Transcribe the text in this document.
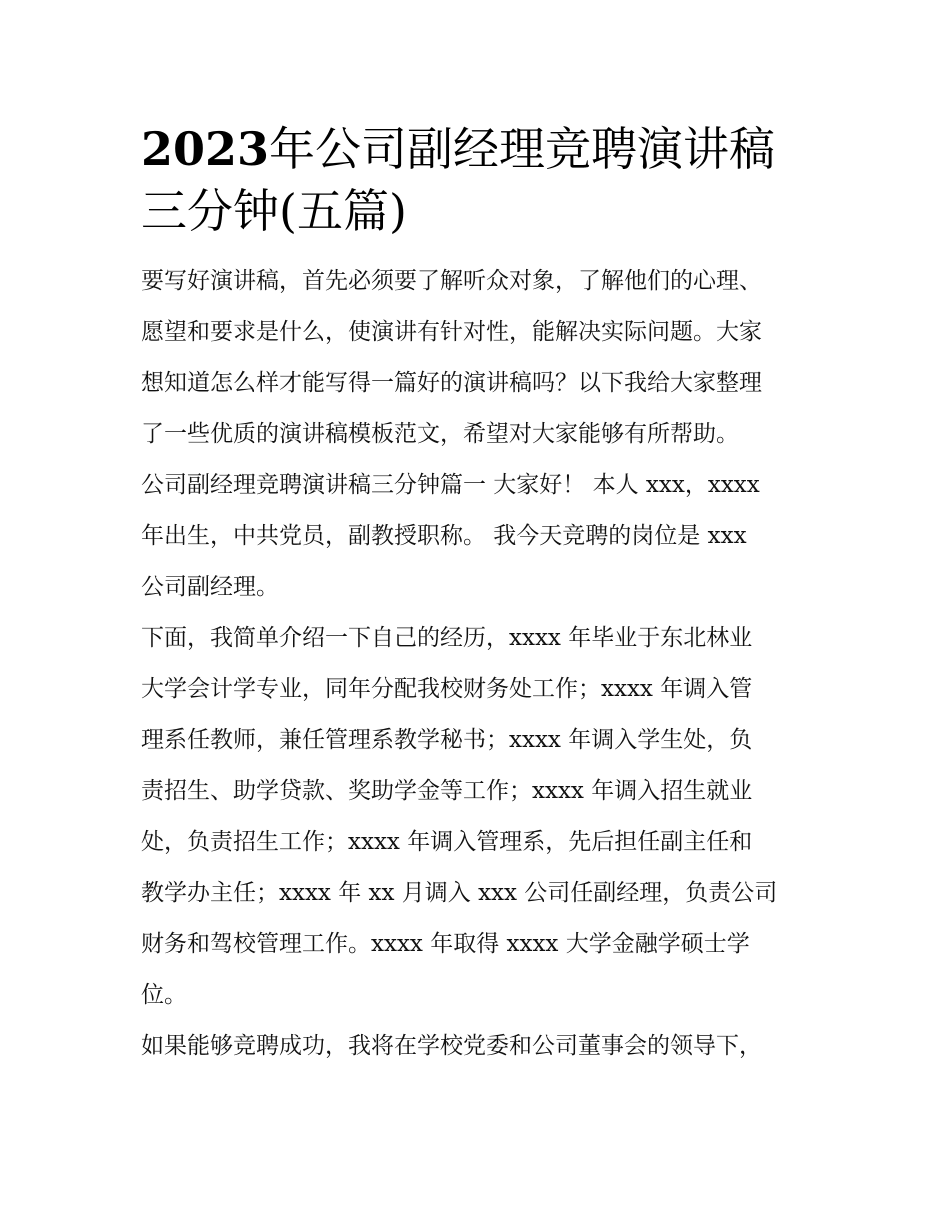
2023年公司副经理竞聘演讲稿
三分钟(五篇)

要写好演讲稿，首先必须要了解听众对象，了解他们的心理、
愿望和要求是什么，使演讲有针对性，能解决实际问题。大家
想知道怎么样才能写得一篇好的演讲稿吗？以下我给大家整理
了一些优质的演讲稿模板范文，希望对大家能够有所帮助。

公司副经理竞聘演讲稿三分钟篇一 大家好！ 本人 xxx，xxxx
年出生，中共党员，副教授职称。 我今天竞聘的岗位是 xxx
公司副经理。

下面，我简单介绍一下自己的经历，xxxx 年毕业于东北林业
大学会计学专业，同年分配我校财务处工作；xxxx 年调入管
理系任教师，兼任管理系教学秘书；xxxx 年调入学生处，负
责招生、助学贷款、奖助学金等工作；xxxx 年调入招生就业
处，负责招生工作；xxxx 年调入管理系，先后担任副主任和
教学办主任；xxxx 年 xx 月调入 xxx 公司任副经理，负责公司
财务和驾校管理工作。xxxx 年取得 xxxx 大学金融学硕士学
位。

如果能够竞聘成功，我将在学校党委和公司董事会的领导下，
